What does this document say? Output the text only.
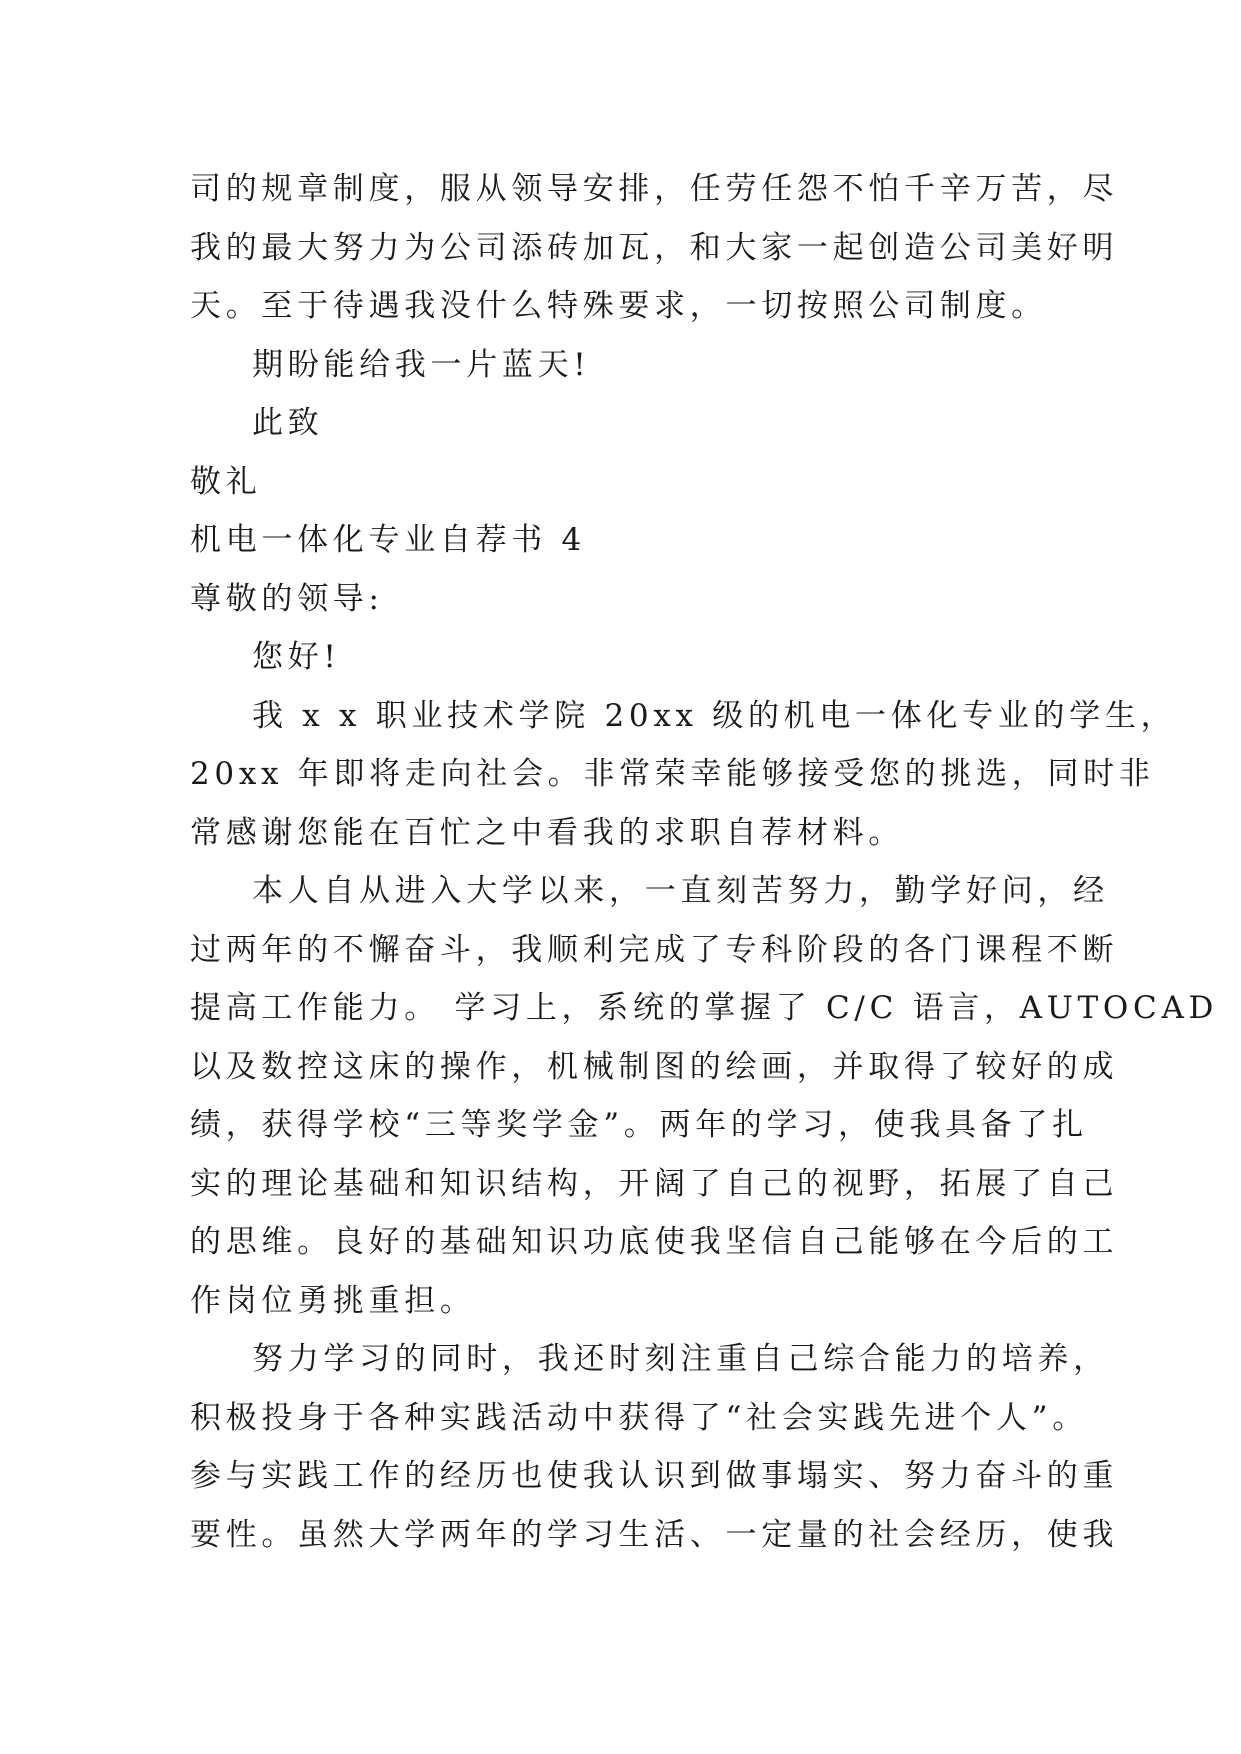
司的规章制度，服从领导安排，任劳任怨不怕千辛万苦，尽
我的最大努力为公司添砖加瓦，和大家一起创造公司美好明
天。至于待遇我没什么特殊要求，一切按照公司制度。
期盼能给我一片蓝天!
此致
敬礼
机电一体化专业自荐书 4
尊敬的领导:
您好!
我 x x 职业技术学院 20xx 级的机电一体化专业的学生，
20xx 年即将走向社会。非常荣幸能够接受您的挑选，同时非
常感谢您能在百忙之中看我的求职自荐材料。
本人自从进入大学以来，一直刻苦努力，勤学好问，经
过两年的不懈奋斗，我顺利完成了专科阶段的各门课程不断
提高工作能力。 学习上，系统的掌握了 C/C 语言，AUTOCAD
以及数控这床的操作，机械制图的绘画，并取得了较好的成
绩，获得学校“三等奖学金”。两年的学习，使我具备了扎
实的理论基础和知识结构，开阔了自己的视野，拓展了自己
的思维。良好的基础知识功底使我坚信自己能够在今后的工
作岗位勇挑重担。
努力学习的同时，我还时刻注重自己综合能力的培养，
积极投身于各种实践活动中获得了“社会实践先进个人”。
参与实践工作的经历也使我认识到做事塌实、努力奋斗的重
要性。虽然大学两年的学习生活、一定量的社会经历，使我
